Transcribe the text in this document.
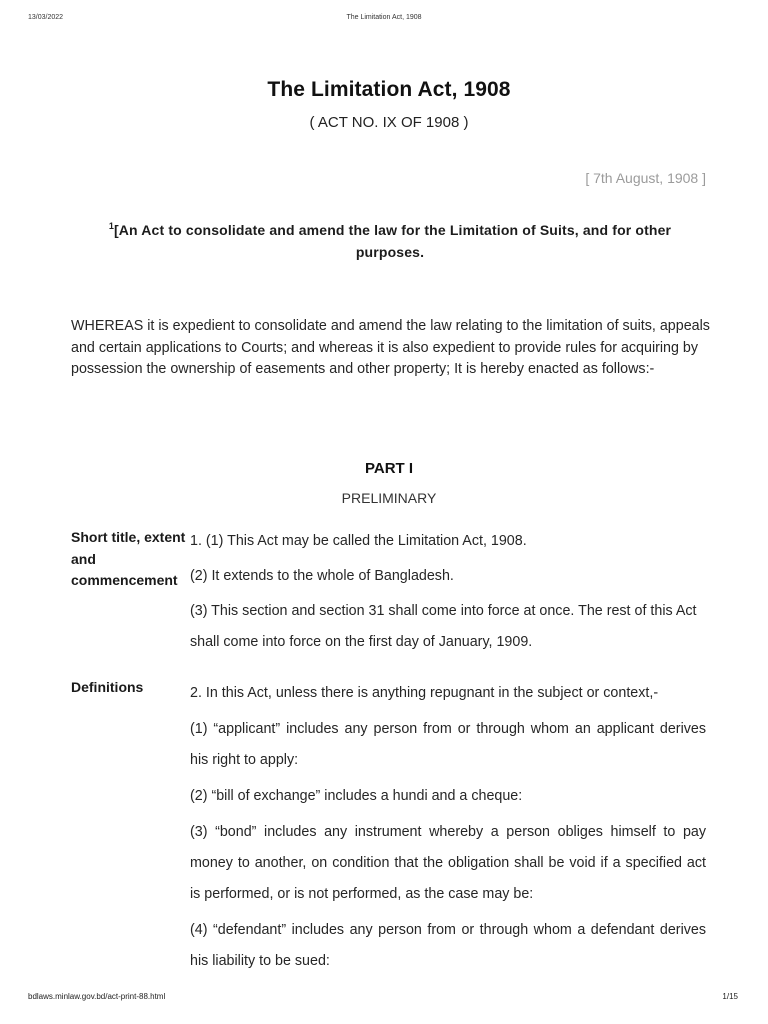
13/03/2022	The Limitation Act, 1908
The Limitation Act, 1908
( ACT NO. IX OF 1908 )
[ 7th August, 1908 ]
$^1$[An Act to consolidate and amend the law for the Limitation of Suits, and for other purposes.
WHEREAS it is expedient to consolidate and amend the law relating to the limitation of suits, appeals and certain applications to Courts; and whereas it is also expedient to provide rules for acquiring by possession the ownership of easements and other property; It is hereby enacted as follows:-
PART I
PRELIMINARY
Short title, extent and commencement

1. (1) This Act may be called the Limitation Act, 1908.

(2) It extends to the whole of Bangladesh.

(3) This section and section 31 shall come into force at once. The rest of this Act shall come into force on the first day of January, 1909.

Definitions	2. In this Act, unless there is anything repugnant in the subject or context,-

(1) “applicant” includes any person from or through whom an applicant derives his right to apply:

(2) “bill of exchange” includes a hundi and a cheque:

(3) “bond” includes any instrument whereby a person obliges himself to pay money to another, on condition that the obligation shall be void if a specified act is performed, or is not performed, as the case may be:

(4) “defendant” includes any person from or through whom a defendant derives his liability to be sued:

bdlaws.minlaw.gov.bd/act-print-88.html	1/15
